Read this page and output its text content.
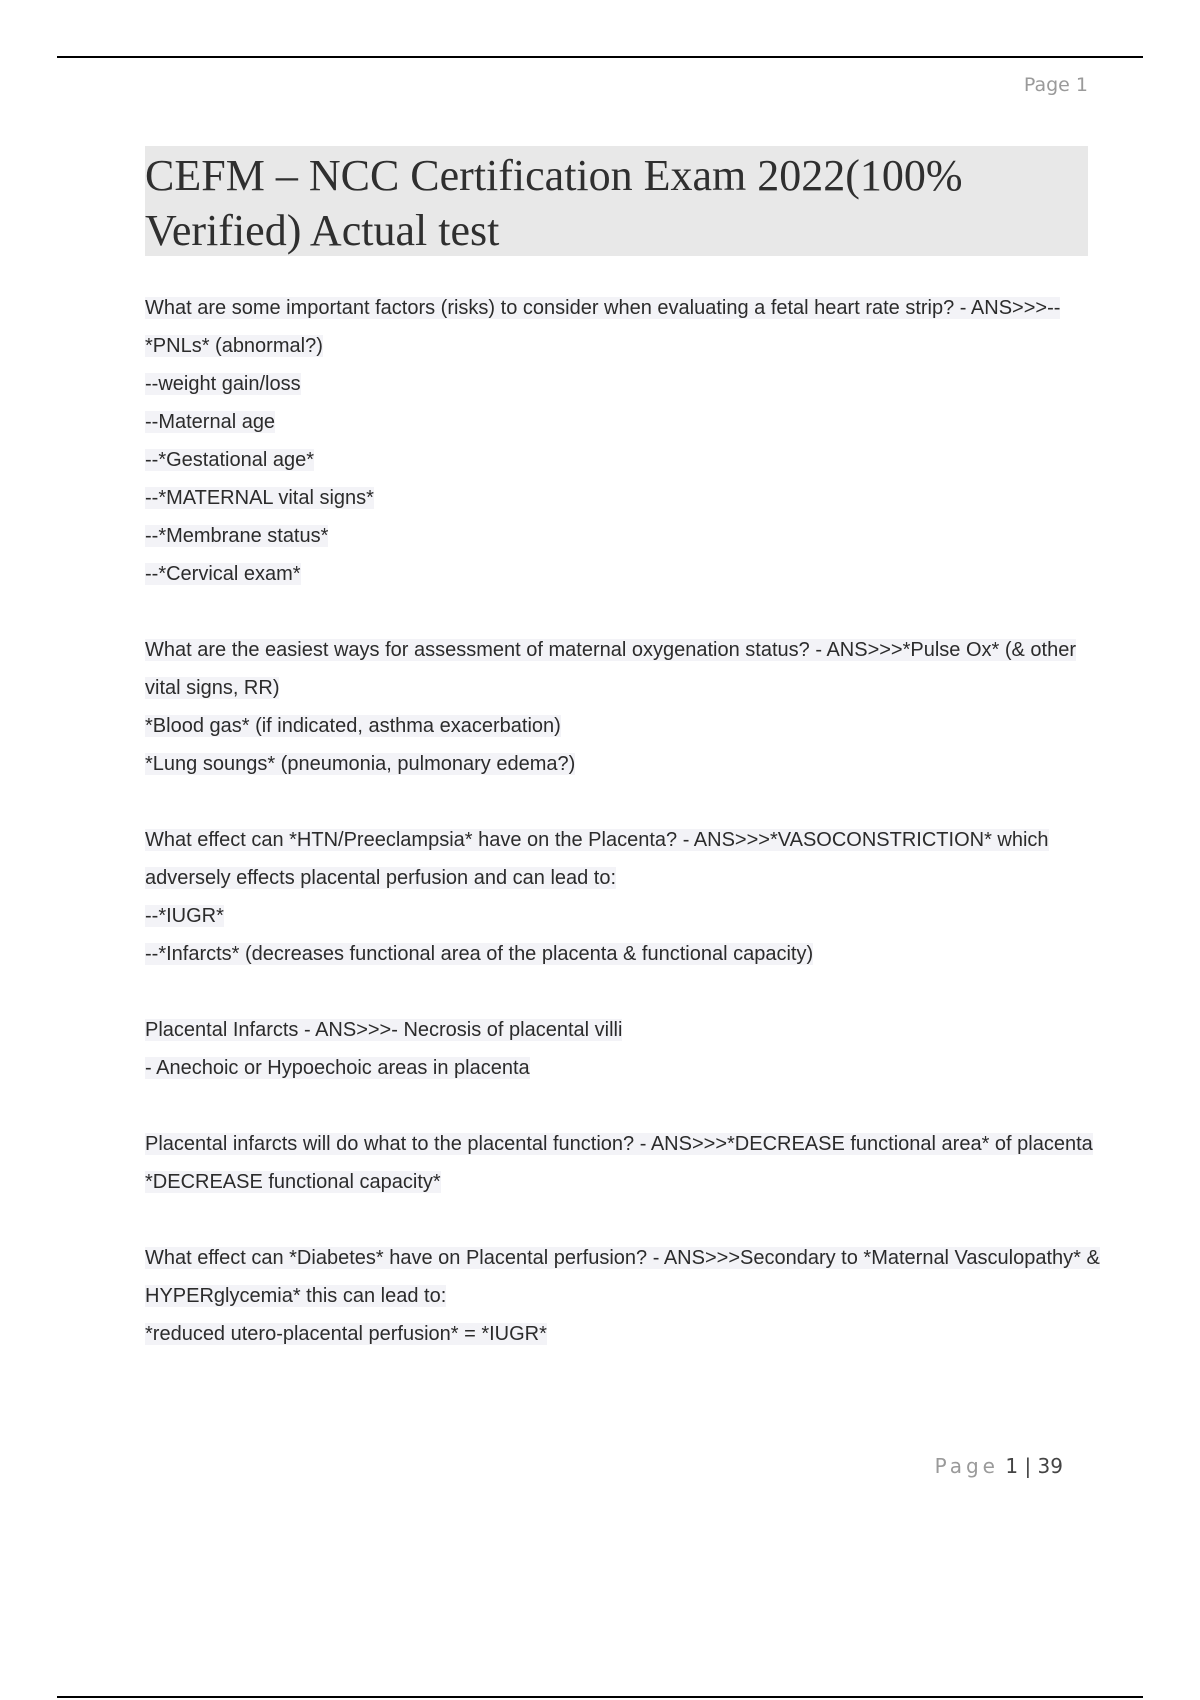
Page 1
CEFM – NCC Certification Exam 2022(100% Verified) Actual test

What are some important factors (risks) to consider when evaluating a fetal heart rate strip? - ANS>>>--*PNLs* (abnormal?)

--weight gain/loss

--Maternal age

--*Gestational age*

--*MATERNAL vital signs*

--*Membrane status*

--*Cervical exam*

What are the easiest ways for assessment of maternal oxygenation status? - ANS>>>*Pulse Ox* (& other vital signs, RR)

*Blood gas* (if indicated, asthma exacerbation)

*Lung soungs* (pneumonia, pulmonary edema?)

What effect can *HTN/Preeclampsia* have on the Placenta? - ANS>>>*VASOCONSTRICTION* which adversely effects placental perfusion and can lead to:

--*IUGR*

--*Infarcts* (decreases functional area of the placenta & functional capacity)

Placental Infarcts - ANS>>>- Necrosis of placental villi

- Anechoic or Hypoechoic areas in placenta

Placental infarcts will do what to the placental function? - ANS>>>*DECREASE functional area* of placenta

*DECREASE functional capacity*

What effect can *Diabetes* have on Placental perfusion? - ANS>>>Secondary to *Maternal Vasculopathy* & HYPERglycemia* this can lead to:

*reduced utero-placental perfusion* = *IUGR*

Page 1 | 39
